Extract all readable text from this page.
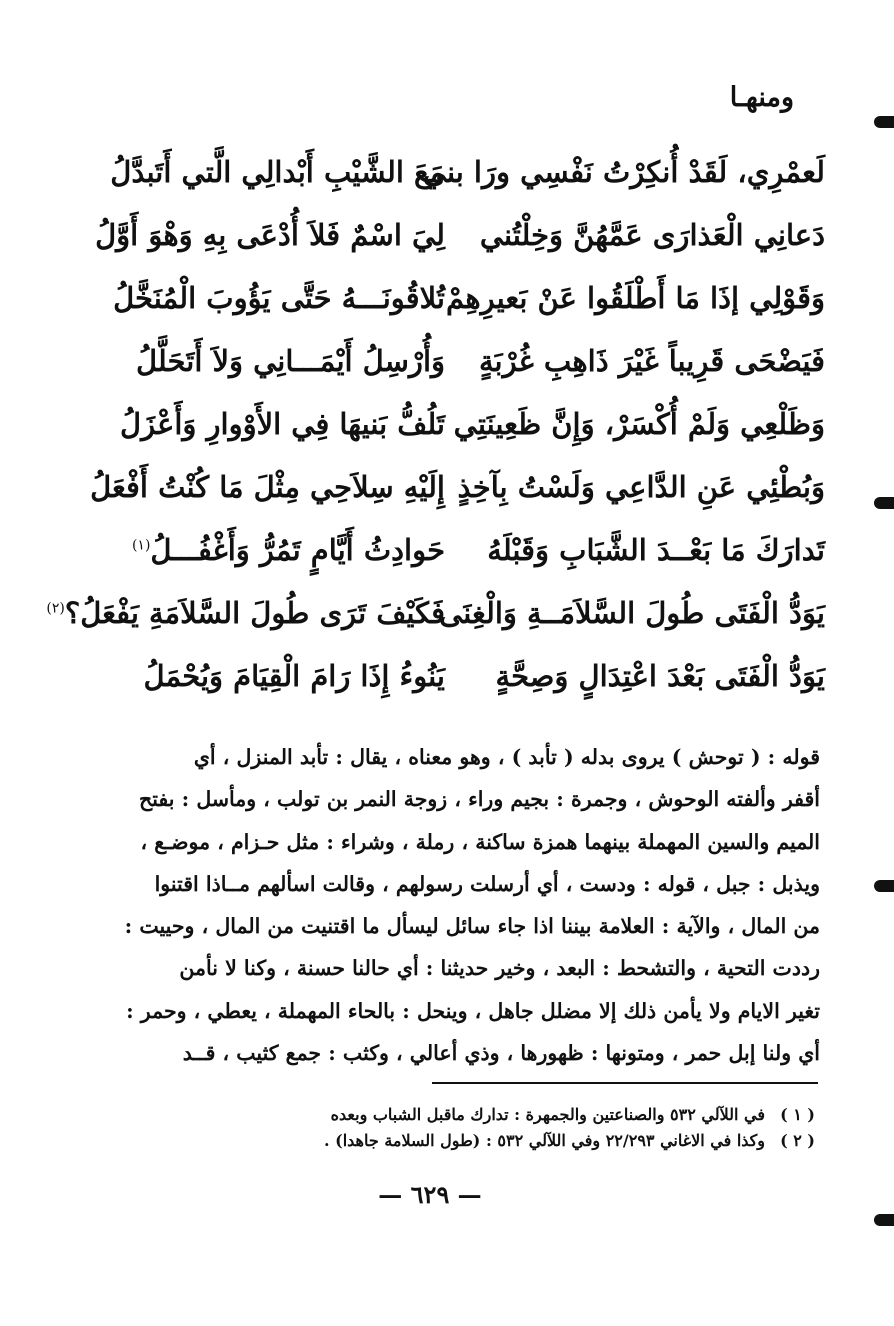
ومنهـا
لَعمْرِي، لَقَدْ أُنكِرْتُ نَفْسِي ورَا بني
مَعَ الشَّيْبِ أَبْدالِي الَّتي أَتَبدَّلُ
دَعانِي الْعَذارَى عَمَّهُنَّ وَخِلْتُني
لِيَ اسْمٌ فَلاَ أُدْعَى بِهِ وَهْوَ أَوَّلُ
وَقَوْلِي إذَا مَا أَطْلَقُوا عَنْ بَعيرِهِمْ
تُلاقُونَـــهُ حَتَّى يَؤُوبَ الْمُنَخَّلُ
فَيَضْحَى قَرِيباً غَيْرَ ذَاهِبِ غُرْبَةٍ
وَأُرْسِلُ أَيْمَـــانِي وَلاَ أَتَحَلَّلُ
وَظَلْعِي وَلَمْ أُكْسَرْ، وَإِنَّ ظَعِينَتِي
تَلُفُّ بَنيهَا فِي الأَوْوارِ وَأَعْزَلُ
وَبُطْئِي عَنِ الدَّاعِي وَلَسْتُ بِآخِذٍ
إِلَيْهِ سِلاَحِي مِثْلَ مَا كُنْتُ أَفْعَلُ
تَدارَكَ مَا بَعْــدَ الشَّبَابِ وَقَبْلَهُ
حَوادِثُ أَيَّامٍ تَمُرُّ وَأَغْفُـــلُ$^{(١)}$
يَوَدُّ الْفَتَى طُولَ السَّلاَمَــةِ وَالْغِنَى
فَكَيْفَ تَرَى طُولَ السَّلاَمَةِ يَفْعَلُ؟$^{(٢)}$
يَوَدُّ الْفَتَى بَعْدَ اعْتِدَالٍ وَصِحَّةٍ
يَنُوءُ إِذَا رَامَ الْقِيَامَ وَيُحْمَلُ
قوله : ( توحش ) يروى بدله ( تأبد ) ، وهو معناه ، يقال : تأبد المنزل ، أي
أقفر وألفته الوحوش ، وجمرة : بجيم وراء ، زوجة النمر بن تولب ، ومأسل : بفتح
الميم والسين المهملة بينهما همزة ساكنة ، رملة ، وشراء : مثل حـزام ، موضـع ،
ويذبل : جبل ، قوله : ودست ، أي أرسلت رسولهم ، وقالت اسألهم مــاذا اقتنوا
من المال ، والآية : العلامة بيننا اذا جاء سائل ليسأل ما اقتنيت من المال ، وحييت :
رددت التحية ، والتشحط : البعد ، وخير حديثنا : أي حالنا حسنة ، وكنا لا نأمن
تغير الايام ولا يأمن ذلك إلا مضلل جاهل ، وينحل : بالحاء المهملة ، يعطي ، وحمر :
أي ولنا إبل حمر ، ومتونها : ظهورها ، وذي أعالي ، وكثب : جمع كثيب ، قــد
( ١ )
في اللآلي ٥٣٢ والصناعتين والجمهرة : تدارك ماقبل الشباب وبعده
( ٢ )
وكذا في الاغاني ٢٢/٢٩٣ وفي اللآلي ٥٣٢ : (طول السلامة جاهدا) .
— ٦٢٩ —
